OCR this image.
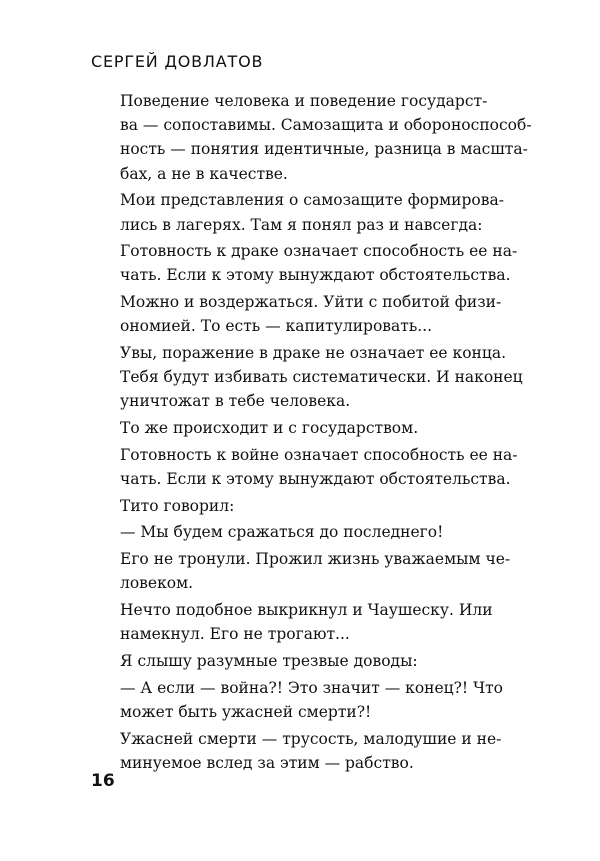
СЕРГЕЙ ДОВЛАТОВ

Поведение человека и поведение государст-
ва — сопоставимы. Самозащита и обороноспособ-
ность — понятия идентичные, разница в масшта-
бах, а не в качестве.

Мои представления о самозащите формирова-
лись в лагерях. Там я понял раз и навсегда:

Готовность к драке означает способность ее на-
чать. Если к этому вынуждают обстоятельства.

Можно и воздержаться. Уйти с побитой физи-
ономией. То есть — капитулировать...

Увы, поражение в драке не означает ее конца.
Тебя будут избивать систематически. И наконец
уничтожат в тебе человека.

То же происходит и с государством.

Готовность к войне означает способность ее на-
чать. Если к этому вынуждают обстоятельства.

Тито говорил:

— Мы будем сражаться до последнего!

Его не тронули. Прожил жизнь уважаемым че-
ловеком.

Нечто подобное выкрикнул и Чаушеску. Или
намекнул. Его не трогают...

Я слышу разумные трезвые доводы:

— А если — война?! Это значит — конец?! Что
может быть ужасней смерти?!

Ужасней смерти — трусость, малодушие и не-
минуемое вслед за этим — рабство.

16
